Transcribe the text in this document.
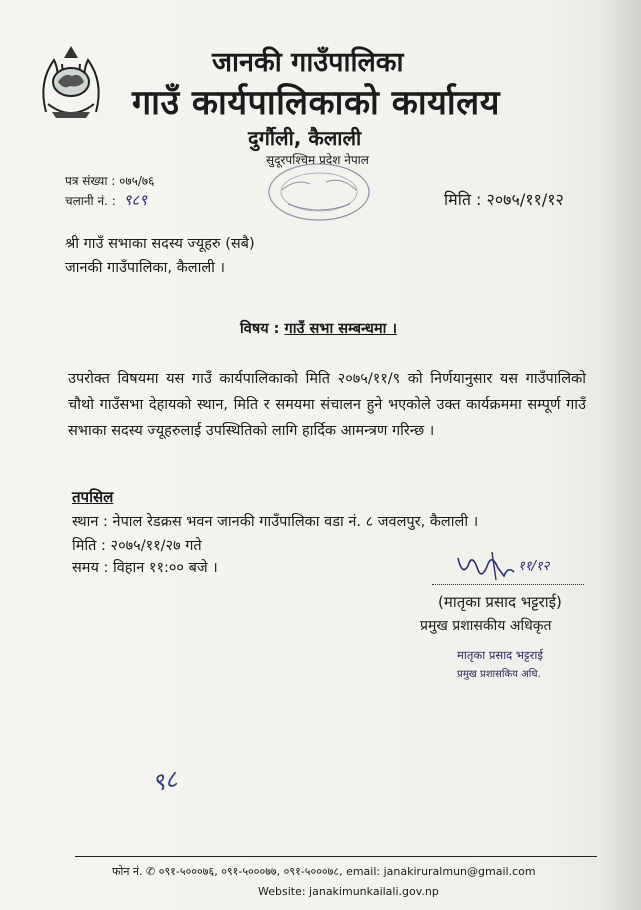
जानकी गाउँपालिका
गाउँ कार्यपालिकाको कार्यालय
दुर्गौली, कैलाली
सुदूरपश्चिम प्रदेश नेपाल
पत्र संख्या : ०७५/७६
चलानी नं. : ९८९	मिति : २०७५/११/१२
श्री गाउँ सभाका सदस्य ज्यूहरु (सबै)
जानकी गाउँपालिका, कैलाली ।
विषय : गाउँ सभा सम्बन्धमा ।
उपरोक्त विषयमा यस गाउँ कार्यपालिकाको मिति २०७५/११/९ को निर्णयानुसार यस गाउँपालिको चौथो गाउँसभा देहायको स्थान, मिति र समयमा संचालन हुने भएकोले उक्त कार्यक्रममा सम्पूर्ण गाउँ सभाका सदस्य ज्यूहरुलाई उपस्थितिको लागि हार्दिक आमन्त्रण गरिन्छ ।
तपसिल
स्थान : नेपाल रेडक्रस भवन जानकी गाउँपालिका वडा नं. ८ जवलपुर, कैलाली ।
मिति : २०७५/११/२७ गते
समय : विहान ११:०० बजे ।	११/१२
(मातृका प्रसाद भट्टराई)
प्रमुख प्रशासकीय अधिकृत
मातृका प्रसाद भट्टराई
प्रमुख प्रशासकिय अधि.
९८
फोन नं. ✆ ०९१-५०००७६, ०९१-५०००७७, ०९१-५०००७८, email: janakiruralmun@gmail.com
Website: janakimunkailali.gov.np
